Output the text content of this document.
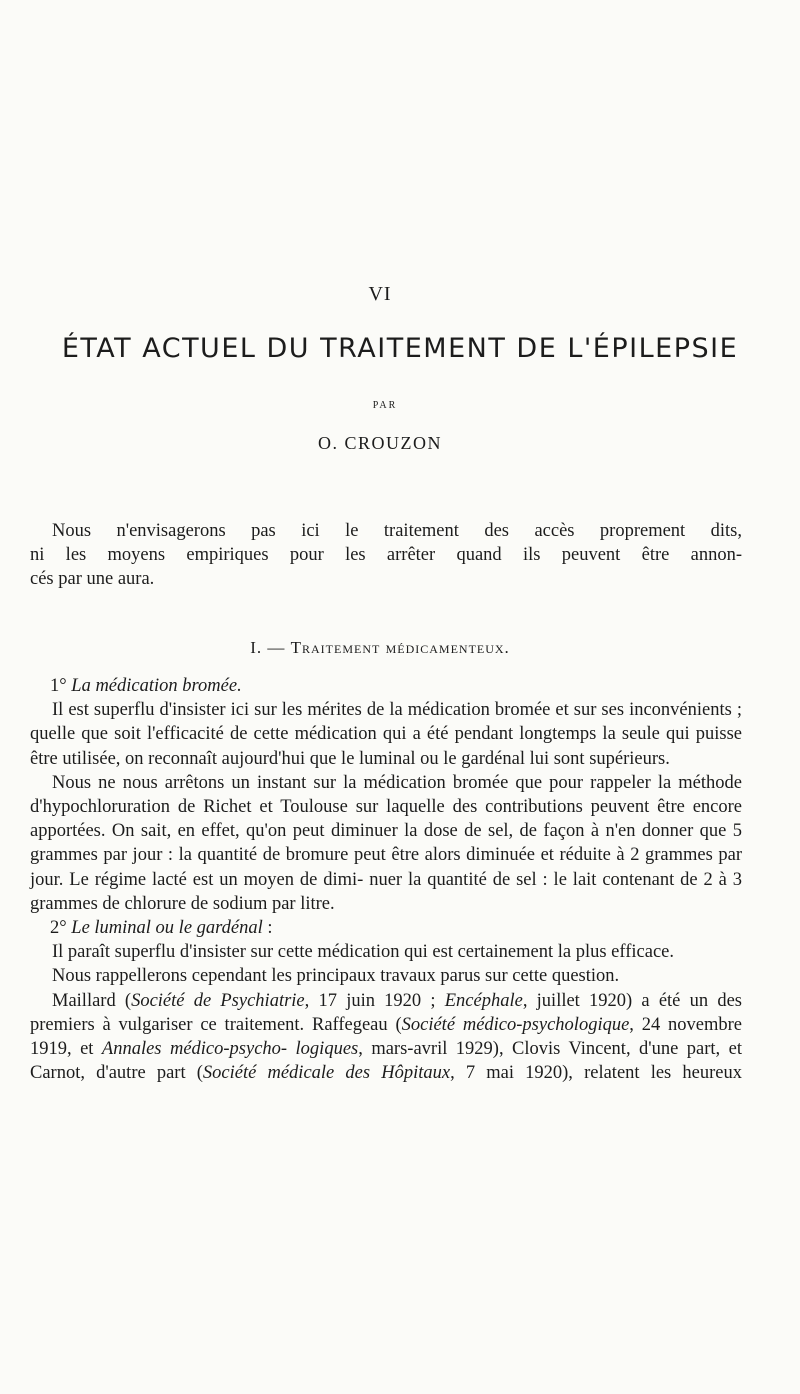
VI
ÉTAT ACTUEL DU TRAITEMENT DE L'ÉPILEPSIE
PAR
O. CROUZON

Nous n'envisagerons pas ici le traitement des accès proprement dits,

ni les moyens empiriques pour les arrêter quand ils peuvent être annon-

cés par une aura.

I. — Traitement médicamenteux.

1° La médication bromée.

Il est superflu d'insister ici sur les mérites de la médication bromée et sur ses inconvénients ; quelle que soit l'efficacité de cette médication qui a été pendant longtemps la seule qui puisse être utilisée, on reconnaît aujourd'hui que le luminal ou le gardénal lui sont supérieurs.

Nous ne nous arrêtons un instant sur la médication bromée que pour rappeler la méthode d'hypochloruration de Richet et Toulouse sur laquelle des contributions peuvent être encore apportées. On sait, en effet, qu'on peut diminuer la dose de sel, de façon à n'en donner que 5 grammes par jour : la quantité de bromure peut être alors diminuée et réduite à 2 grammes par jour. Le régime lacté est un moyen de dimi- nuer la quantité de sel : le lait contenant de 2 à 3 grammes de chlorure de sodium par litre.

2° Le luminal ou le gardénal :

Il paraît superflu d'insister sur cette médication qui est certainement la plus efficace.

Nous rappellerons cependant les principaux travaux parus sur cette question.

Maillard (Société de Psychiatrie, 17 juin 1920 ; Encéphale, juillet 1920) a été un des premiers à vulgariser ce traitement. Raffegeau (Société médico-psychologique, 24 novembre 1919, et Annales médico-psycho- logiques, mars-avril 1929), Clovis Vincent, d'une part, et Carnot, d'autre part (Société médicale des Hôpitaux, 7 mai 1920), relatent les heureux
